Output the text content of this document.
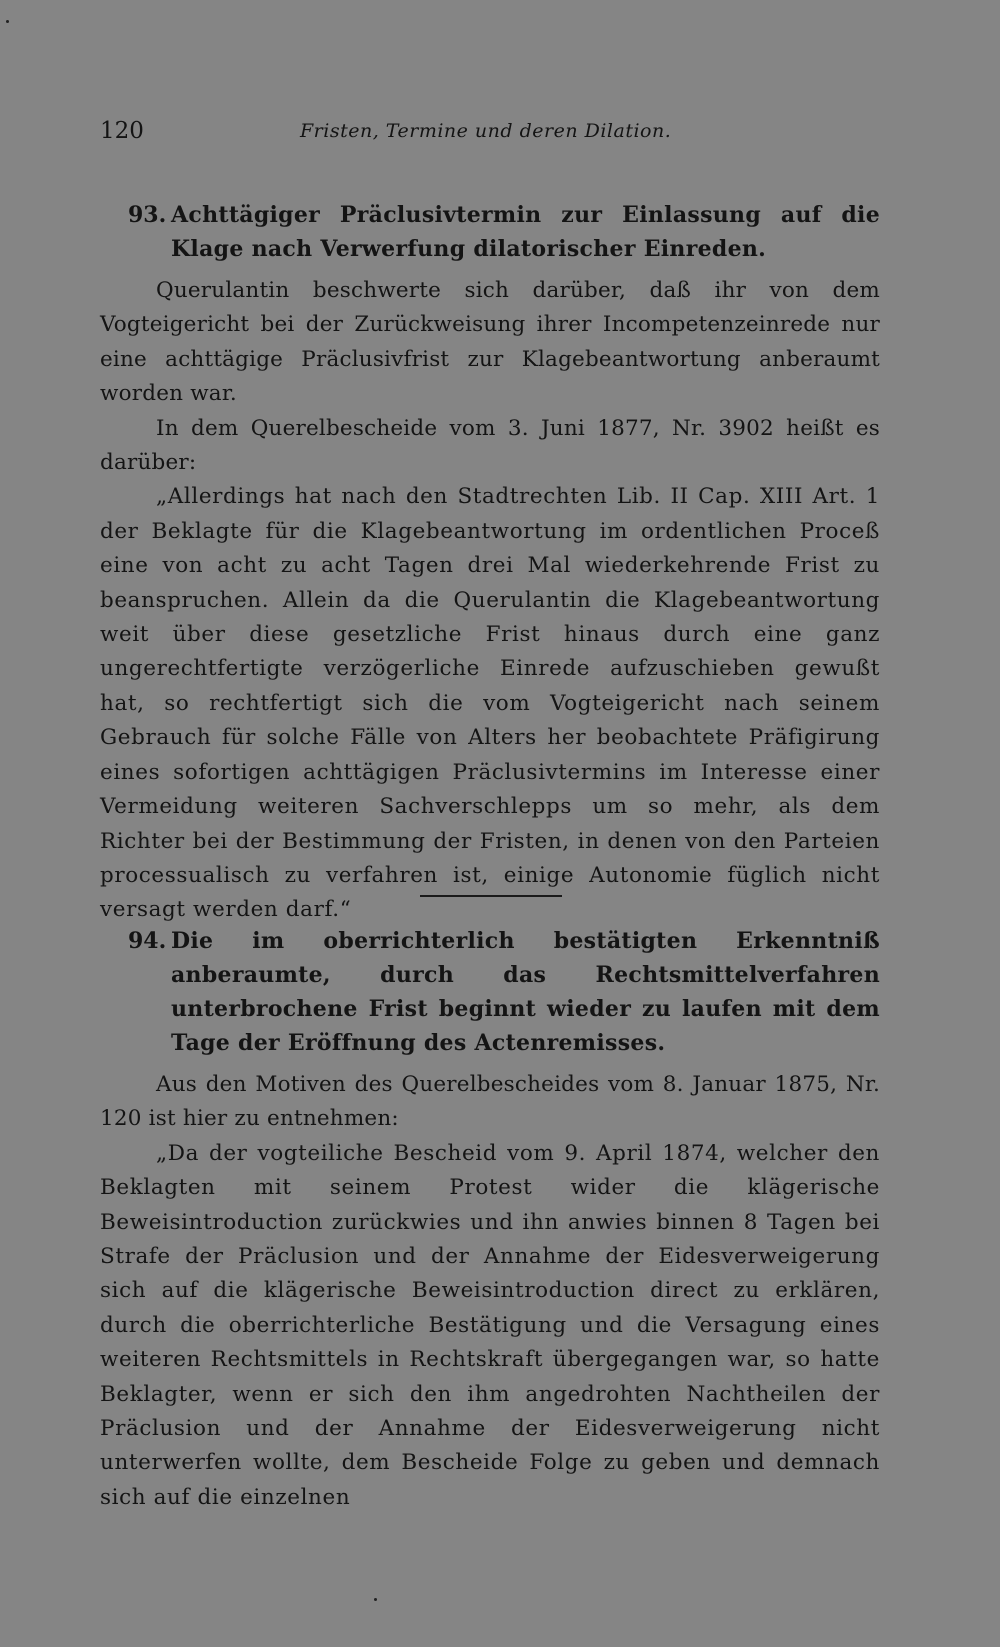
120	Fristen, Termine und deren Dilation.
93. Achttägiger Präclusivtermin zur Einlassung auf die Klage nach Verwerfung dilatorischer Einreden.

Querulantin beschwerte sich darüber, daß ihr von dem Vogteigericht bei der Zurückweisung ihrer Incompetenzeinrede nur eine achttägige Präclusivfrist zur Klagebeantwortung anberaumt worden war.

In dem Querelbescheide vom 3. Juni 1877, Nr. 3902 heißt es darüber:

„Allerdings hat nach den Stadtrechten Lib. II Cap. XIII Art. 1 der Beklagte für die Klagebeantwortung im ordentlichen Proceß eine von acht zu acht Tagen drei Mal wiederkehrende Frist zu beanspruchen. Allein da die Querulantin die Klagebeantwortung weit über diese gesetzliche Frist hinaus durch eine ganz ungerechtfertigte verzögerliche Einrede aufzuschieben gewußt hat, so rechtfertigt sich die vom Vogteigericht nach seinem Gebrauch für solche Fälle von Alters her beobachtete Präfigirung eines sofortigen achttägigen Präclusivtermins im Interesse einer Vermeidung weiteren Sachverschlepps um so mehr, als dem Richter bei der Bestimmung der Fristen, in denen von den Parteien processualisch zu verfahren ist, einige Autonomie füglich nicht versagt werden darf.“

94. Die im oberrichterlich bestätigten Erkenntniß anberaumte, durch das Rechtsmittelverfahren unterbrochene Frist beginnt wieder zu laufen mit dem Tage der Eröffnung des Actenremisses.

Aus den Motiven des Querelbescheides vom 8. Januar 1875, Nr. 120 ist hier zu entnehmen:

„Da der vogteiliche Bescheid vom 9. April 1874, welcher den Beklagten mit seinem Protest wider die klägerische Beweisintroduction zurückwies und ihn anwies binnen 8 Tagen bei Strafe der Präclusion und der Annahme der Eidesverweigerung sich auf die klägerische Beweisintroduction direct zu erklären, durch die oberrichterliche Bestätigung und die Versagung eines weiteren Rechtsmittels in Rechtskraft übergegangen war, so hatte Beklagter, wenn er sich den ihm angedrohten Nachtheilen der Präclusion und der Annahme der Eidesverweigerung nicht unterwerfen wollte, dem Bescheide Folge zu geben und demnach sich auf die einzelnen
